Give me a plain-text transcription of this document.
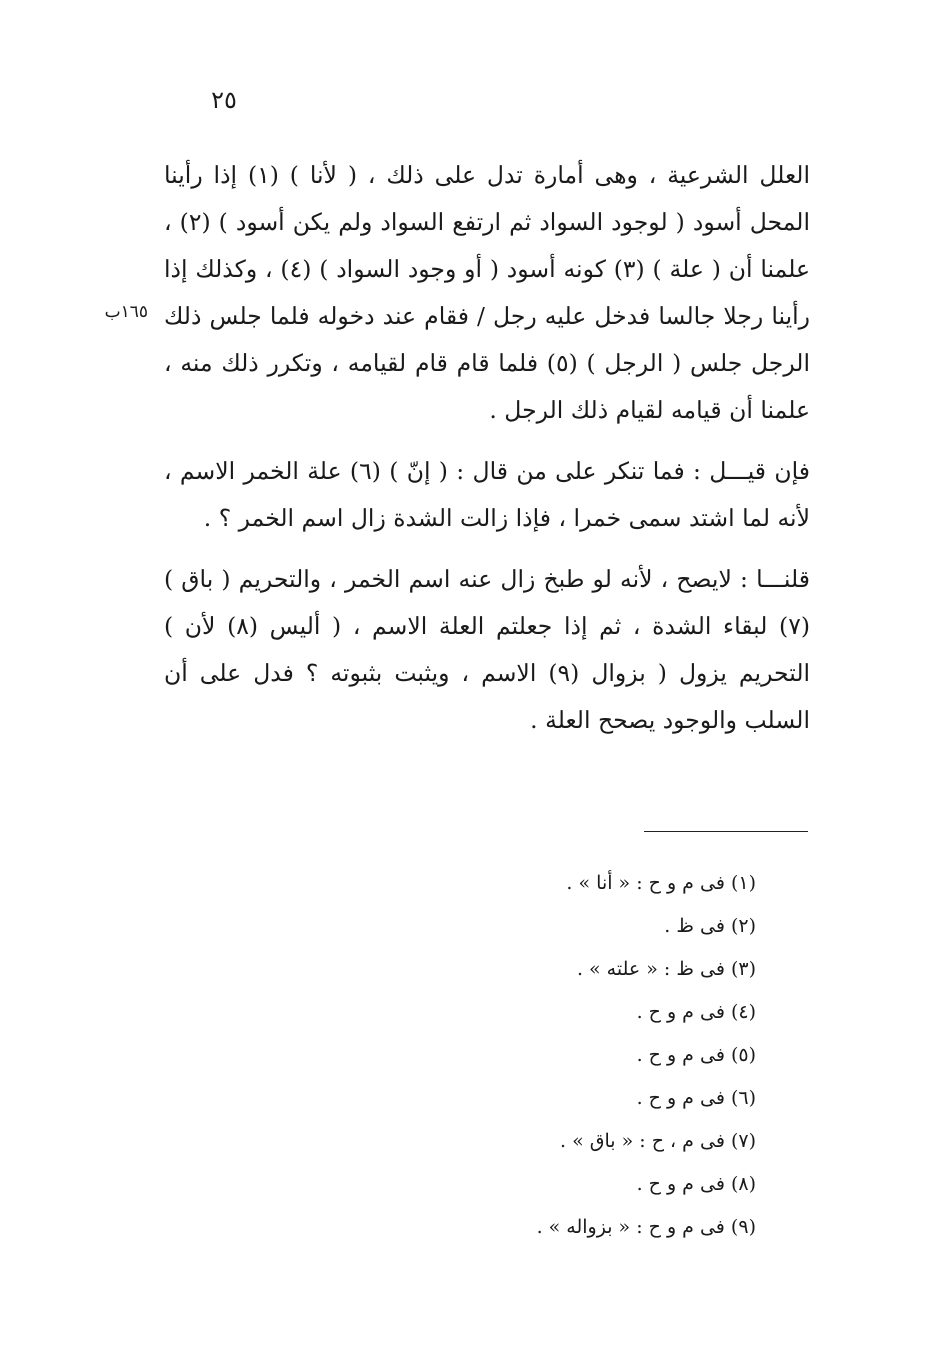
٢٥

العلل الشرعية ، وهى أمارة تدل على ذلك ، ( لأنا ) (١) إذا رأينا المحل أسود ( لوجود السواد ثم ارتفع السواد ولم يكن أسود ) (٢) ، علمنا أن ( علة ) (٣) كونه أسود ( أو وجود السواد ) (٤) ، وكذلك إذا رأينا رجلا جالسا فدخل عليه رجل / فقام عند دخوله فلما جلس ذلك الرجل جلس ( الرجل ) (٥) فلما قام قام لقيامه ، وتكرر ذلك منه ، علمنا أن قيامه لقيام ذلك الرجل .

فإن قيـــل : فما تنكر على من قال : ( إنّ ) (٦) علة الخمر الاسم ، لأنه لما اشتد سمى خمرا ، فإذا زالت الشدة زال اسم الخمر ؟ .

قلنـــا : لايصح ، لأنه لو طبخ زال عنه اسم الخمر ، والتحريم ( باق ) (٧) لبقاء الشدة ، ثم إذا جعلتم العلة الاسم ، ( أليس (٨) لأن ) التحريم يزول ( بزوال (٩) الاسم ، ويثبت بثبوته ؟ فدل على أن السلب والوجود يصحح العلة .

١٦٥ب
(١) فى م و ح : « أنا » .
(٢) فى ظ .
(٣) فى ظ : « علته » .
(٤) فى م و ح .
(٥) فى م و ح .
(٦) فى م و ح .
(٧) فى م ، ح : « باق » .
(٨) فى م و ح .
(٩) فى م و ح : « بزواله » .
